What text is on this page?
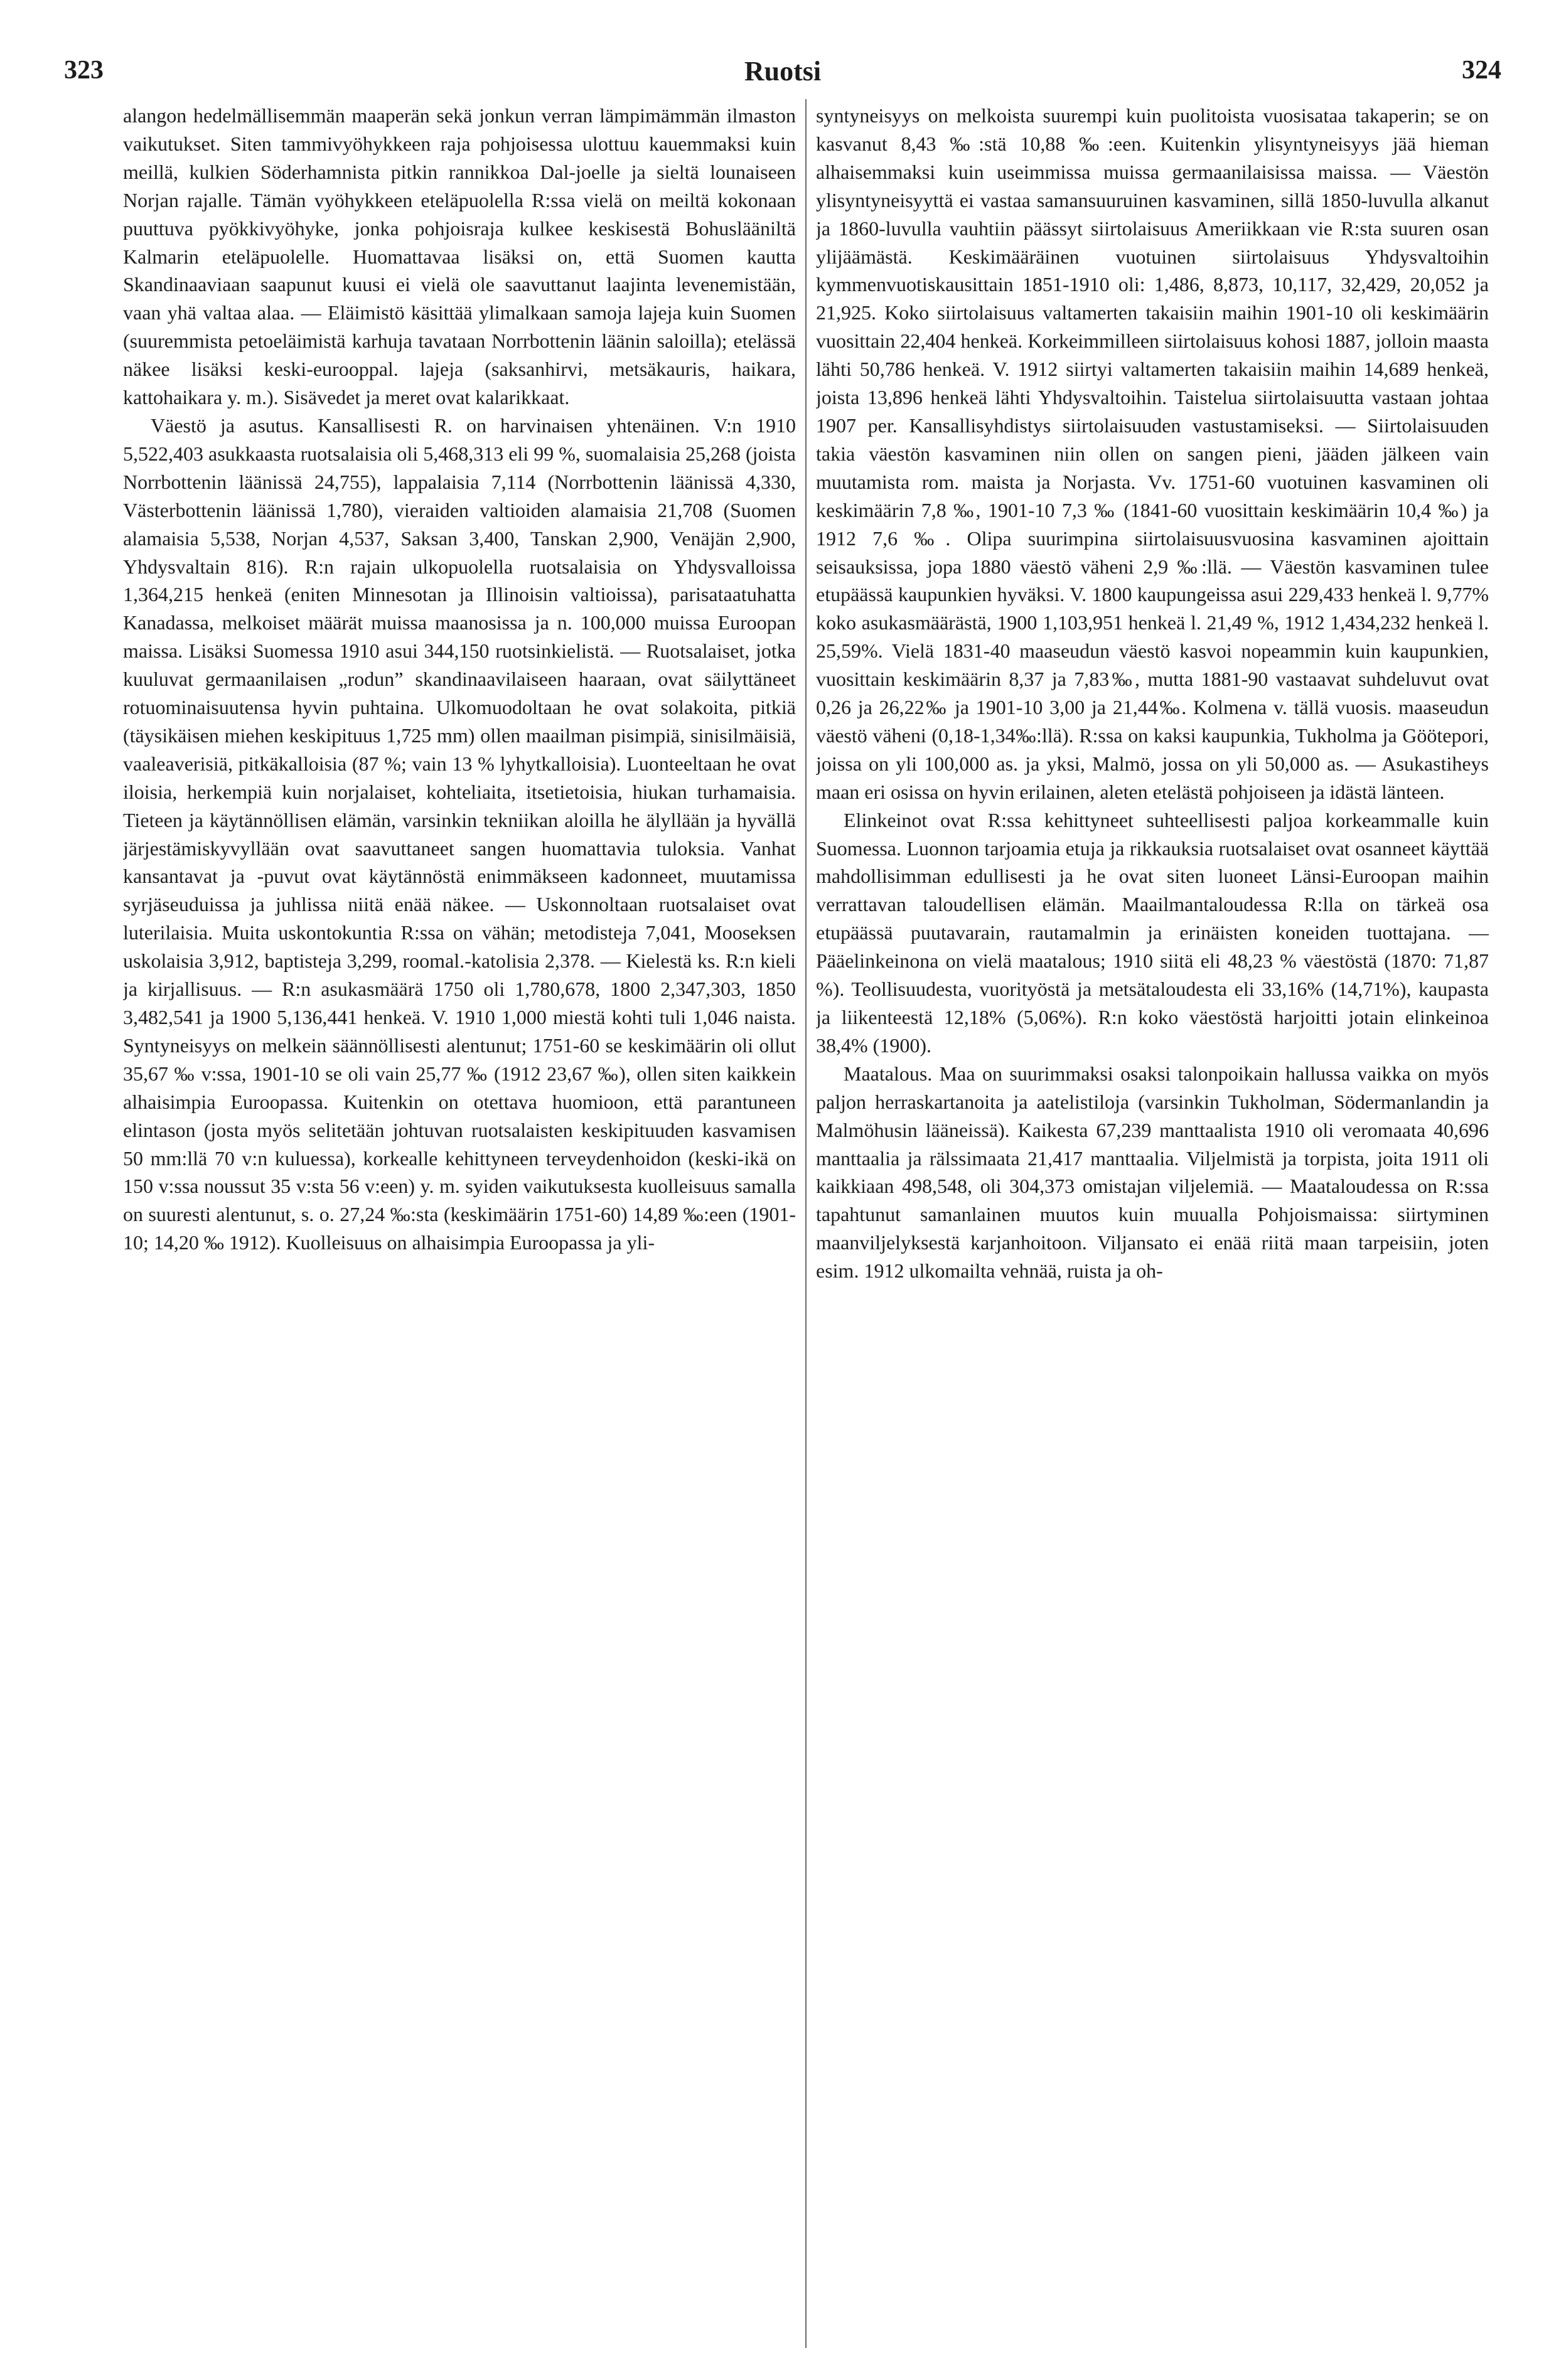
323	Ruotsi	324

alangon hedelmällisemmän maaperän sekä jonkun verran lämpimämmän ilmaston vaikutukset. Siten tammivyöhykkeen raja pohjoisessa ulottuu kauemmaksi kuin meillä, kulkien Söderhamnista pitkin rannikkoa Dal-joelle ja sieltä lounaiseen Norjan rajalle. Tämän vyöhykkeen eteläpuolella R:ssa vielä on meiltä kokonaan puuttuva pyökkivyöhyke, jonka pohjoisraja kulkee keskisestä Bohuslääniltä Kalmarin eteläpuolelle. Huomattavaa lisäksi on, että Suomen kautta Skandinaaviaan saapunut kuusi ei vielä ole saavuttanut laajinta levenemistään, vaan yhä valtaa alaa. — Eläimistö käsittää ylimalkaan samoja lajeja kuin Suomen (suuremmista petoeläimistä karhuja tavataan Norrbottenin läänin saloilla); etelässä näkee lisäksi keski-eurooppal. lajeja (saksanhirvi, metsäkauris, haikara, kattohaikara y. m.). Sisävedet ja meret ovat kalarikkaat.

Väestö ja asutus. Kansallisesti R. on harvinaisen yhtenäinen. V:n 1910 5,522,403 asukkaasta ruotsalaisia oli 5,468,313 eli 99 %, suomalaisia 25,268 (joista Norrbottenin läänissä 24,755), lappalaisia 7,114 (Norrbottenin läänissä 4,330, Västerbottenin läänissä 1,780), vieraiden valtioiden alamaisia 21,708 (Suomen alamaisia 5,538, Norjan 4,537, Saksan 3,400, Tanskan 2,900, Venäjän 2,900, Yhdysvaltain 816). R:n rajain ulkopuolella ruotsalaisia on Yhdysvalloissa 1,364,215 henkeä (eniten Minnesotan ja Illinoisin valtioissa), parisataatuhatta Kanadassa, melkoiset määrät muissa maanosissa ja n. 100,000 muissa Euroopan maissa. Lisäksi Suomessa 1910 asui 344,150 ruotsinkielistä. — Ruotsalaiset, jotka kuuluvat germaanilaisen „rodun” skandinaavilaiseen haaraan, ovat säilyttäneet rotuominaisuutensa hyvin puhtaina. Ulkomuodoltaan he ovat solakoita, pitkiä (täysikäisen miehen keskipituus 1,725 mm) ollen maailman pisimpiä, sinisilmäisiä, vaaleaverisiä, pitkäkalloisia (87 %; vain 13 % lyhytkalloisia). Luonteeltaan he ovat iloisia, herkempiä kuin norjalaiset, kohteliaita, itsetietoisia, hiukan turhamaisia. Tieteen ja käytännöllisen elämän, varsinkin tekniikan aloilla he älyllään ja hyvällä järjestämiskyvyllään ovat saavuttaneet sangen huomattavia tuloksia. Vanhat kansantavat ja -puvut ovat käytännöstä enimmäkseen kadonneet, muutamissa syrjäseuduissa ja juhlissa niitä enää näkee. — Uskonnoltaan ruotsalaiset ovat luterilaisia. Muita uskontokuntia R:ssa on vähän; metodisteja 7,041, Mooseksen uskolaisia 3,912, baptisteja 3,299, roomal.-katolisia 2,378. — Kielestä ks. R:n kieli ja kirjallisuus. — R:n asukasmäärä 1750 oli 1,780,678, 1800 2,347,303, 1850 3,482,541 ja 1900 5,136,441 henkeä. V. 1910 1,000 miestä kohti tuli 1,046 naista. Syntyneisyys on melkein säännöllisesti alentunut; 1751-60 se keskimäärin oli ollut 35,67 ‰ v:ssa, 1901-10 se oli vain 25,77 ‰ (1912 23,67 ‰), ollen siten kaikkein alhaisimpia Euroopassa. Kuitenkin on otettava huomioon, että parantuneen elintason (josta myös selitetään johtuvan ruotsalaisten keskipituuden kasvamisen 50 mm:llä 70 v:n kuluessa), korkealle kehittyneen terveydenhoidon (keski-ikä on 150 v:ssa noussut 35 v:sta 56 v:een) y. m. syiden vaikutuksesta kuolleisuus samalla on suuresti alentunut, s. o. 27,24 ‰:sta (keskimäärin 1751-60) 14,89 ‰:een (1901-10; 14,20 ‰ 1912). Kuolleisuus on alhaisimpia Euroopassa ja yli-

syntyneisyys on melkoista suurempi kuin puolitoista vuosisataa takaperin; se on kasvanut 8,43 ‰:stä 10,88 ‰:een. Kuitenkin ylisyntyneisyys jää hieman alhaisemmaksi kuin useimmissa muissa germaanilaisissa maissa. — Väestön ylisyntyneisyyttä ei vastaa samansuuruinen kasvaminen, sillä 1850-luvulla alkanut ja 1860-luvulla vauhtiin päässyt siirtolaisuus Ameriikkaan vie R:sta suuren osan ylijäämästä. Keskimääräinen vuotuinen siirtolaisuus Yhdysvaltoihin kymmenvuotiskausittain 1851-1910 oli: 1,486, 8,873, 10,117, 32,429, 20,052 ja 21,925. Koko siirtolaisuus valtamerten takaisiin maihin 1901-10 oli keskimäärin vuosittain 22,404 henkeä. Korkeimmilleen siirtolaisuus kohosi 1887, jolloin maasta lähti 50,786 henkeä. V. 1912 siirtyi valtamerten takaisiin maihin 14,689 henkeä, joista 13,896 henkeä lähti Yhdysvaltoihin. Taistelua siirtolaisuutta vastaan johtaa 1907 per. Kansallisyhdistys siirtolaisuuden vastustamiseksi. — Siirtolaisuuden takia väestön kasvaminen niin ollen on sangen pieni, jääden jälkeen vain muutamista rom. maista ja Norjasta. Vv. 1751-60 vuotuinen kasvaminen oli keskimäärin 7,8 ‰, 1901-10 7,3 ‰ (1841-60 vuosittain keskimäärin 10,4 ‰) ja 1912 7,6 ‰. Olipa suurimpina siirtolaisuusvuosina kasvaminen ajoittain seisauksissa, jopa 1880 väestö väheni 2,9 ‰:llä. — Väestön kasvaminen tulee etupäässä kaupunkien hyväksi. V. 1800 kaupungeissa asui 229,433 henkeä l. 9,77% koko asukasmäärästä, 1900 1,103,951 henkeä l. 21,49 %, 1912 1,434,232 henkeä l. 25,59%. Vielä 1831-40 maaseudun väestö kasvoi nopeammin kuin kaupunkien, vuosittain keskimäärin 8,37 ja 7,83‰, mutta 1881-90 vastaavat suhdeluvut ovat 0,26 ja 26,22‰ ja 1901-10 3,00 ja 21,44‰. Kolmena v. tällä vuosis. maaseudun väestö väheni (0,18-1,34‰:llä). R:ssa on kaksi kaupunkia, Tukholma ja Göötepori, joissa on yli 100,000 as. ja yksi, Malmö, jossa on yli 50,000 as. — Asukastiheys maan eri osissa on hyvin erilainen, aleten etelästä pohjoiseen ja idästä länteen.

Elinkeinot ovat R:ssa kehittyneet suhteellisesti paljoa korkeammalle kuin Suomessa. Luonnon tarjoamia etuja ja rikkauksia ruotsalaiset ovat osanneet käyttää mahdollisimman edullisesti ja he ovat siten luoneet Länsi-Euroopan maihin verrattavan taloudellisen elämän. Maailmantaloudessa R:lla on tärkeä osa etupäässä puutavarain, rautamalmin ja erinäisten koneiden tuottajana. — Pääelinkeinona on vielä maatalous; 1910 siitä eli 48,23 % väestöstä (1870: 71,87 %). Teollisuudesta, vuorityöstä ja metsätaloudesta eli 33,16% (14,71%), kaupasta ja liikenteestä 12,18% (5,06%). R:n koko väestöstä harjoitti jotain elinkeinoa 38,4% (1900).

Maatalous. Maa on suurimmaksi osaksi talonpoikain hallussa vaikka on myös paljon herraskartanoita ja aatelistiloja (varsinkin Tukholman, Södermanlandin ja Malmöhusin lääneissä). Kaikesta 67,239 manttaalista 1910 oli veromaata 40,696 manttaalia ja rälssimaata 21,417 manttaalia. Viljelmistä ja torpista, joita 1911 oli kaikkiaan 498,548, oli 304,373 omistajan viljelemiä. — Maataloudessa on R:ssa tapahtunut samanlainen muutos kuin muualla Pohjoismaissa: siirtyminen maanviljelyksestä karjanhoitoon. Viljansato ei enää riitä maan tarpeisiin, joten esim. 1912 ulkomailta vehnää, ruista ja oh-
